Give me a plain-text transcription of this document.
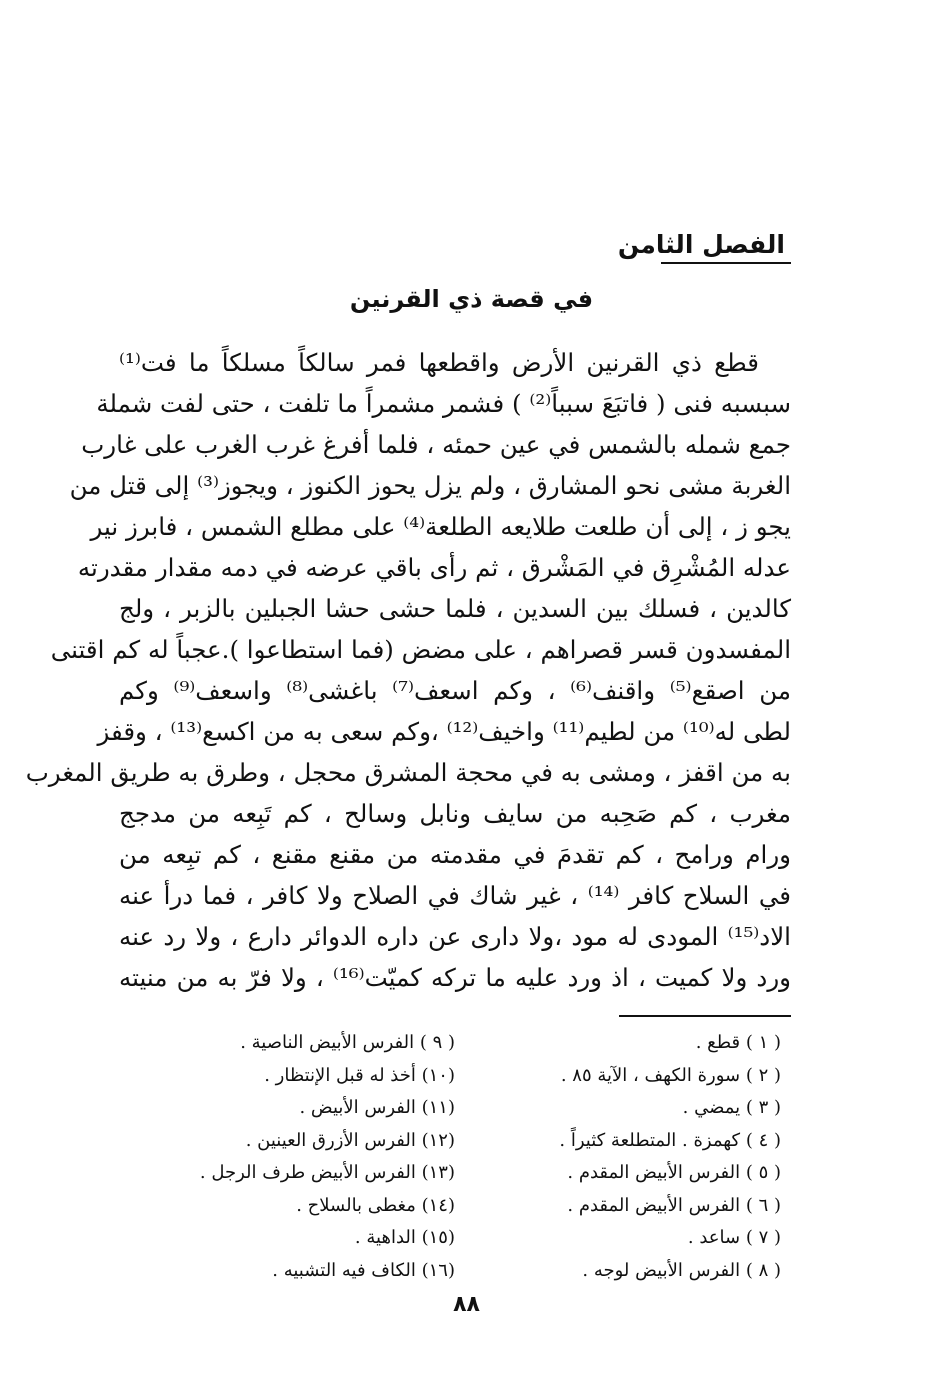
الفصل الثامن
في قصة ذي القرنين
قطع ذي القرنين الأرض واقطعها فمر سالكاً مسلكاً ما فت⁽¹⁾
سبسبه فنى ( فاتبَعَ سبباً⁽²⁾ ) فشمر مشمراً ما تلفت ، حتى لفت شملة
جمع شمله بالشمس في عين حمئه ، فلما أفرغ غرب الغرب على غارب
الغربة مشى نحو المشارق ، ولم يزل يحوز الكنوز ، ويجوز⁽³⁾ إلى قتل من
يجو ز ، إلى أن طلعت طلايعه الطلعة⁽⁴⁾ على مطلع الشمس ، فابرز نير
عدله المُشْرِق في المَشْرق ، ثم رأى باقي عرضه في دمه مقدار مقدرته
كالدين ، فسلك بين السدين ، فلما حشى حشا الجبلين بالزبر ، ولج
المفسدون قسر قصراهم ، على مضض (فما استطاعوا ).عجباً له كم اقتنى
من اصقع⁽⁵⁾ واقنف⁽⁶⁾ ، وكم اسعف⁽⁷⁾ باغشى⁽⁸⁾ واسعف⁽⁹⁾ وكم
لطى له⁽¹⁰⁾ من لطيم⁽¹¹⁾ واخيف⁽¹²⁾ ،وكم سعى به من اكسع⁽¹³⁾ ، وقفز
به من اقفز ، ومشى به في محجة المشرق محجل ، وطرق به طريق المغرب
مغرب ، كم صَحِبه من سايف ونابل وسالح ، كم تَبِعه من مدجج
ورام ورامح ، كم تقدمَ في مقدمته من مقنع مقنع ، كم تبِعه من
في السلاح كافر ⁽¹⁴⁾ ، غير شاك في الصلاح ولا كافر ، فما درأ عنه
الاد⁽¹⁵⁾ المودى له مود ،ولا دارى عن داره الدوائر دارع ، ولا رد عنه
ورد ولا كميت ، اذ ورد عليه ما تركه كميّت⁽¹⁶⁾ ، ولا فرّ به من منيته
( ١ ) قطع .
( ٢ ) سورة الكهف ، الآية ٨٥ .
( ٣ ) يمضي .
( ٤ ) كهمزة . المتطلعة كثيراً .
( ٥ ) الفرس الأبيض المقدم .
( ٦ ) الفرس الأبيض المقدم .
( ٧ ) ساعد .
( ٨ ) الفرس الأبيض لوجه .
( ٩ ) الفرس الأبيض الناصية .
(١٠) أخذ له قبل الإنتظار .
(١١) الفرس الأبيض .
(١٢) الفرس الأزرق العينين .
(١٣) الفرس الأبيض طرف الرجل .
(١٤) مغطى بالسلاح .
(١٥) الداهية .
(١٦) الكاف فيه التشبيه .
٨٨
